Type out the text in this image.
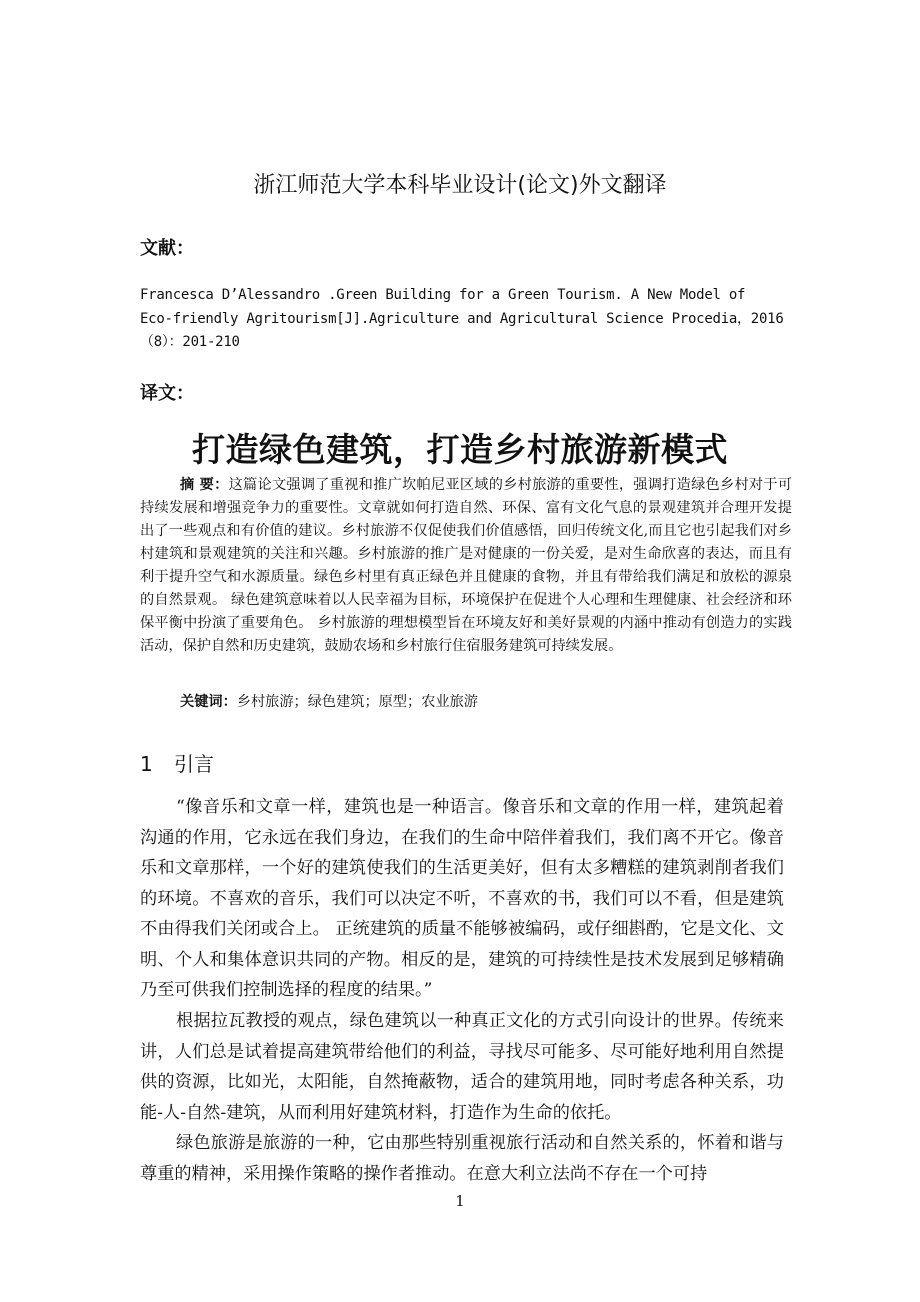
浙江师范大学本科毕业设计(论文)外文翻译

文献：

Francesca D’Alessandro .Green Building for a Green Tourism. A New Model of
Eco-friendly Agritourism[J].Agriculture and Agricultural Science Procedia，2016
（8）：201-210

译文：

打造绿色建筑，打造乡村旅游新模式

摘 要：这篇论文强调了重视和推广坎帕尼亚区域的乡村旅游的重要性，强调打造绿色乡村对于可持续发展和增强竞争力的重要性。文章就如何打造自然、环保、富有文化气息的景观建筑并合理开发提出了一些观点和有价值的建议。乡村旅游不仅促使我们价值感悟，回归传统文化,而且它也引起我们对乡村建筑和景观建筑的关注和兴趣。乡村旅游的推广是对健康的一份关爱，是对生命欣喜的表达，而且有利于提升空气和水源质量。绿色乡村里有真正绿色并且健康的食物，并且有带给我们满足和放松的源泉的自然景观。 绿色建筑意味着以人民幸福为目标，环境保护在促进个人心理和生理健康、社会经济和环保平衡中扮演了重要角色。 乡村旅游的理想模型旨在环境友好和美好景观的内涵中推动有创造力的实践活动，保护自然和历史建筑，鼓励农场和乡村旅行住宿服务建筑可持续发展。

关键词：乡村旅游；绿色建筑；原型；农业旅游

1 引言

“像音乐和文章一样，建筑也是一种语言。像音乐和文章的作用一样，建筑起着沟通的作用，它永远在我们身边，在我们的生命中陪伴着我们，我们离不开它。像音乐和文章那样，一个好的建筑使我们的生活更美好，但有太多糟糕的建筑剥削者我们的环境。不喜欢的音乐，我们可以决定不听，不喜欢的书，我们可以不看，但是建筑不由得我们关闭或合上。 正统建筑的质量不能够被编码，或仔细斟酌，它是文化、文明、个人和集体意识共同的产物。相反的是，建筑的可持续性是技术发展到足够精确乃至可供我们控制选择的程度的结果。”

根据拉瓦教授的观点，绿色建筑以一种真正文化的方式引向设计的世界。传统来讲，人们总是试着提高建筑带给他们的利益，寻找尽可能多、尽可能好地利用自然提供的资源，比如光，太阳能，自然掩蔽物，适合的建筑用地，同时考虑各种关系，功能-人-自然-建筑，从而利用好建筑材料，打造作为生命的依托。

绿色旅游是旅游的一种，它由那些特别重视旅行活动和自然关系的，怀着和谐与尊重的精神，采用操作策略的操作者推动。在意大利立法尚不存在一个可持

1
